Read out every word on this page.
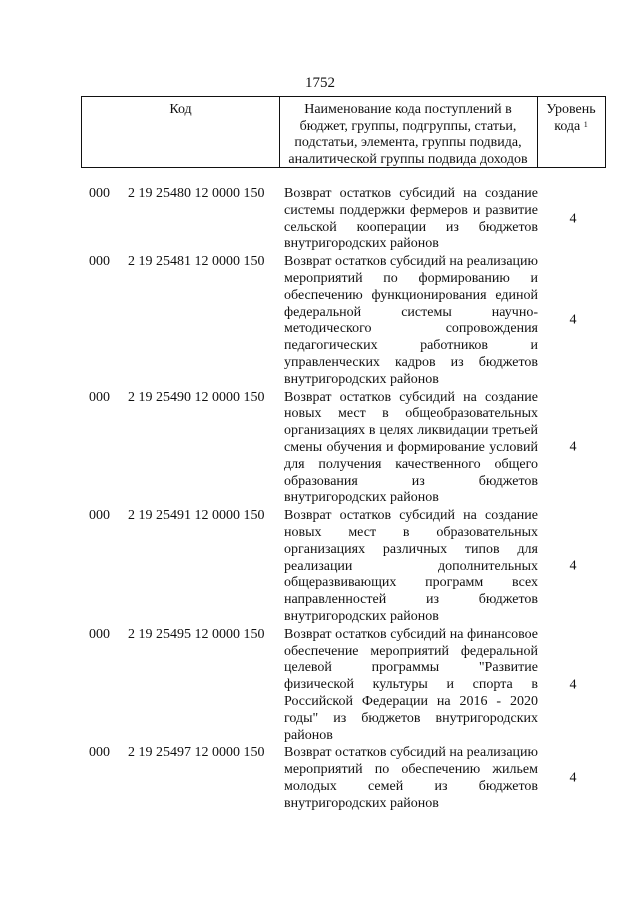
1752
Код	Наименование кода поступлений в
бюджет, группы, подгруппы, статьи,
подстатьи, элемента, группы подвида,
аналитической группы подвида доходов
Уровень
кода $^1$
000 2 19 25480 12 0000 150 Возврат остатков субсидий на создание системы поддержки фермеров и развитие сельской кооперации из бюджетов внутригородских районов
4
000 2 19 25481 12 0000 150 Возврат остатков субсидий на реализацию мероприятий по формированию и обеспечению функционирования единой федеральной системы научно-методического сопровождения педагогических работников и управленческих кадров из бюджетов внутригородских районов
4
000 2 19 25490 12 0000 150 Возврат остатков субсидий на создание новых мест в общеобразовательных организациях в целях ликвидации третьей смены обучения и формирование условий для получения качественного общего образования из бюджетов внутригородских районов
4
000 2 19 25491 12 0000 150 Возврат остатков субсидий на создание новых мест в образовательных организациях различных типов для реализации дополнительных общеразвивающих программ всех направленностей из бюджетов внутригородских районов
4
000 2 19 25495 12 0000 150 Возврат остатков субсидий на финансовое обеспечение мероприятий федеральной целевой программы "Развитие физической культуры и спорта в Российской Федерации на 2016 - 2020 годы" из бюджетов внутригородских районов
4
000 2 19 25497 12 0000 150 Возврат остатков субсидий на реализацию мероприятий по обеспечению жильем молодых семей из бюджетов внутригородских районов
4
